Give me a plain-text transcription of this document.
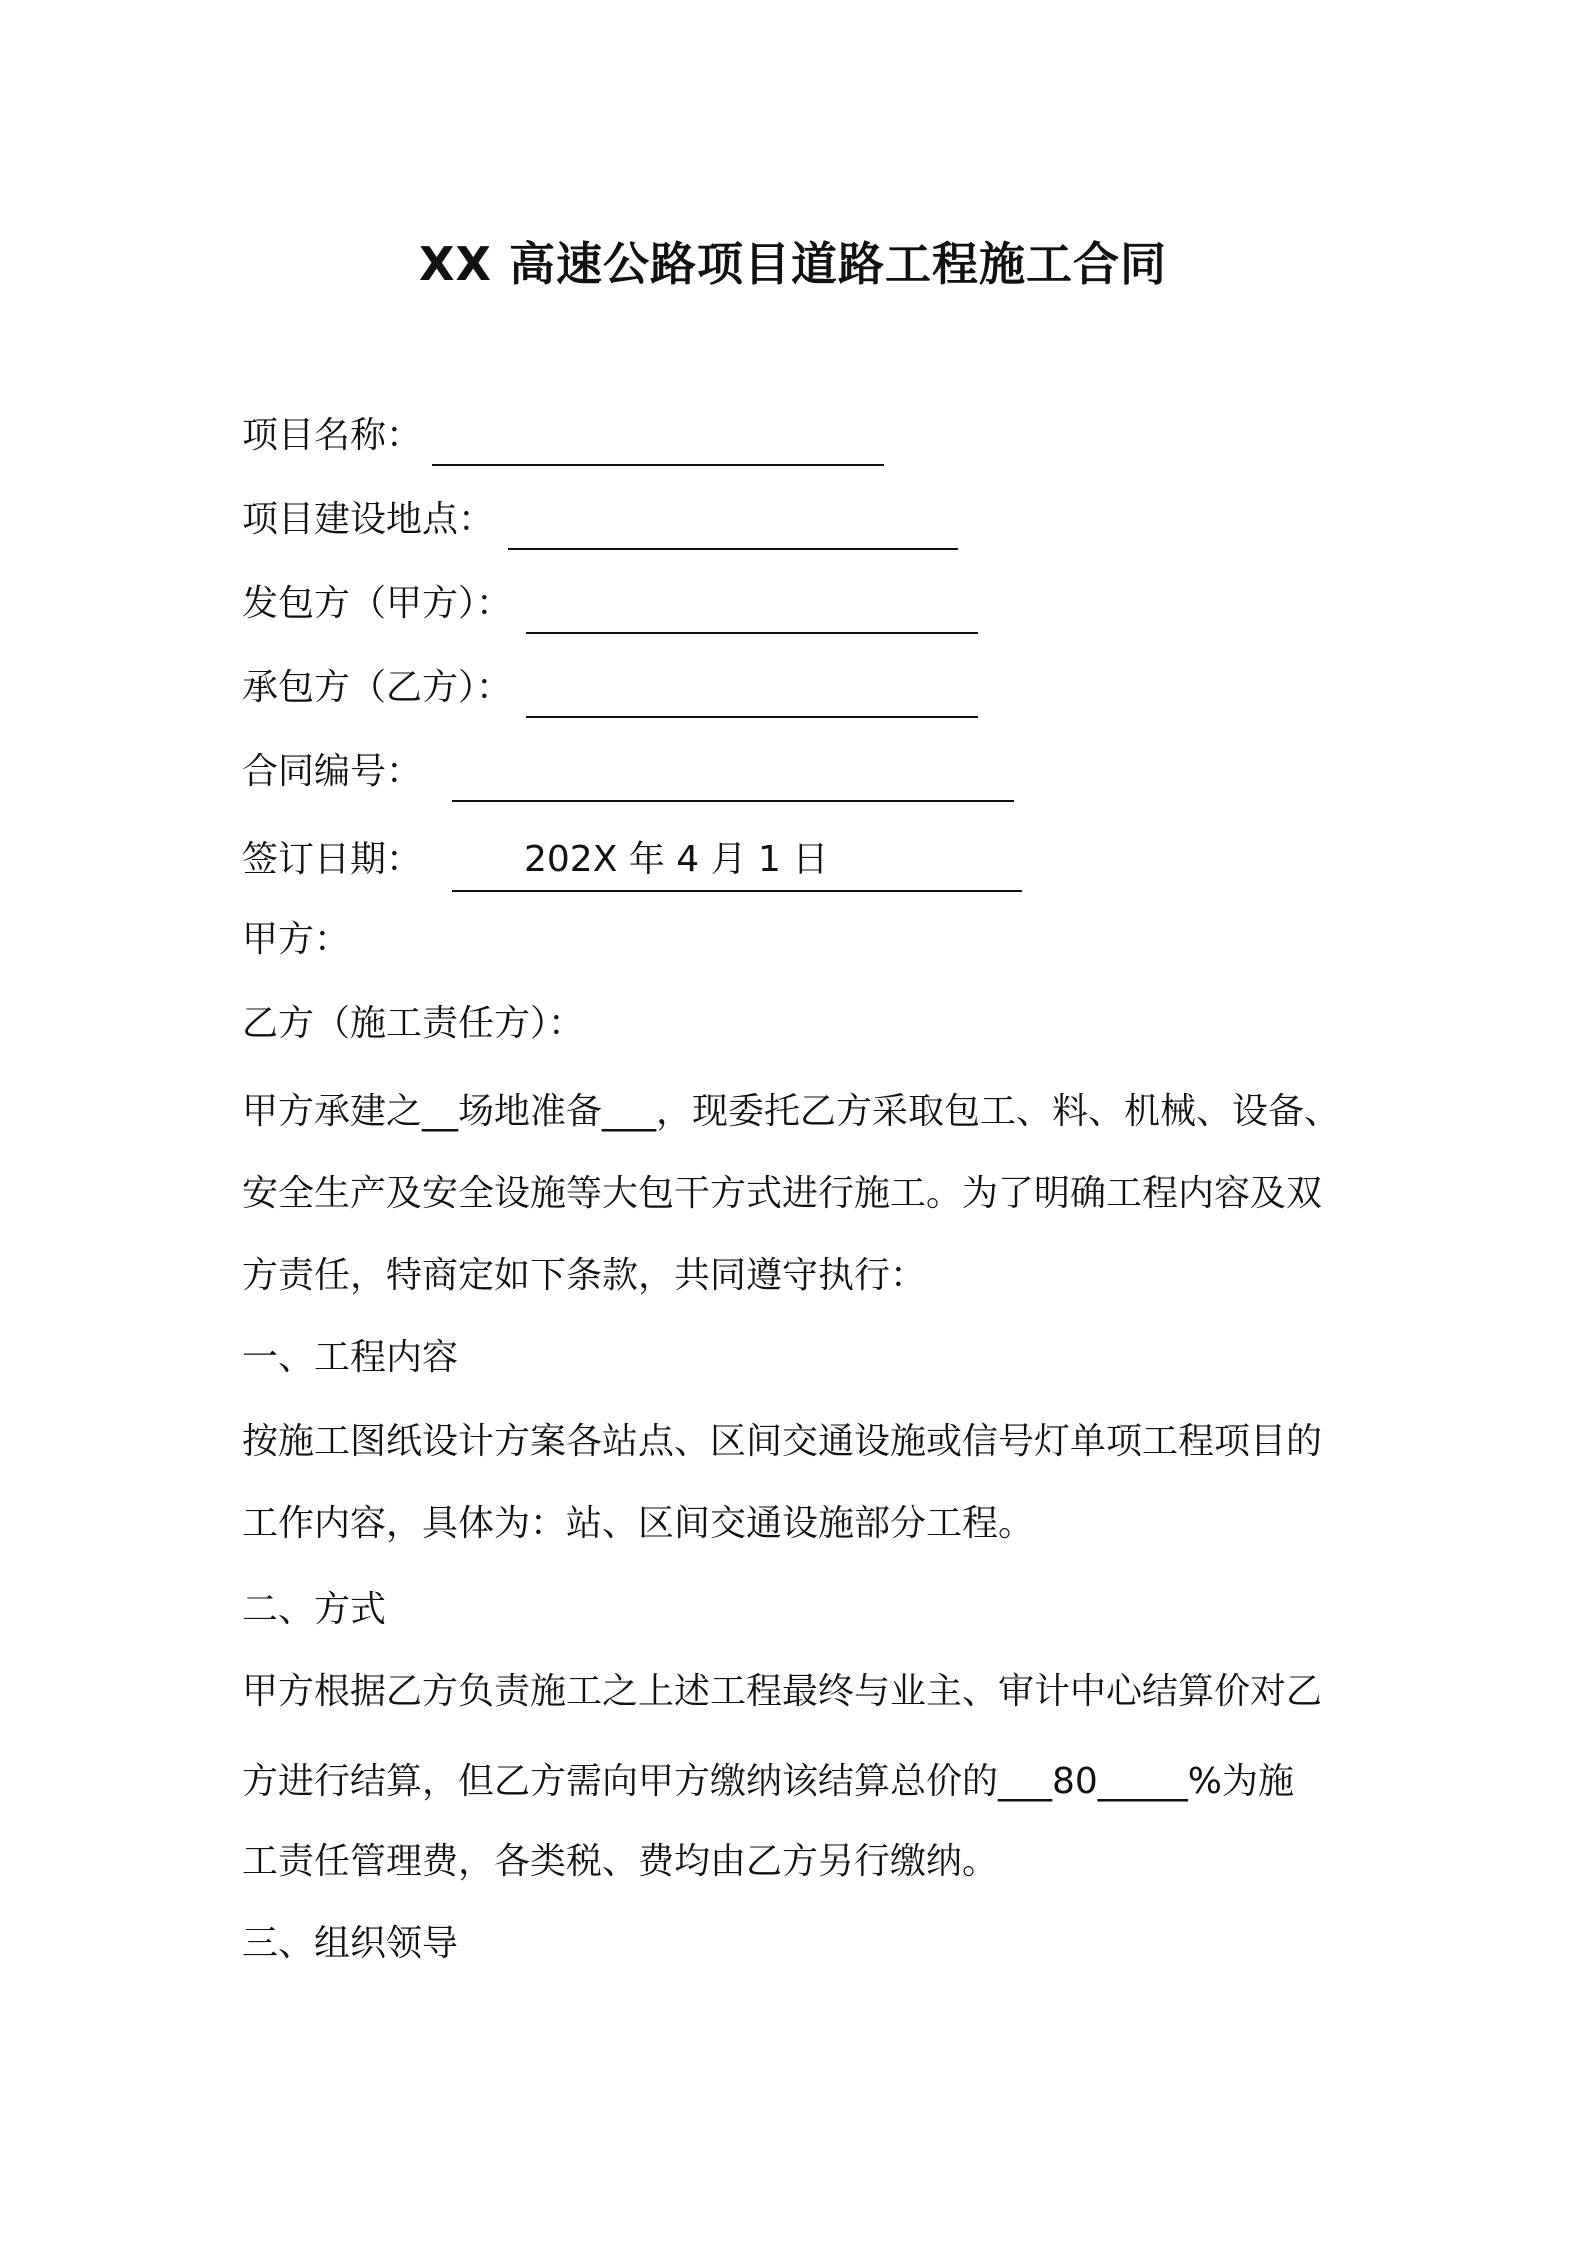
XX 高速公路项目道路工程施工合同
项目名称：
项目建设地点：
发包方（甲方）：
承包方（乙方）：
合同编号：
签订日期：	202X 年 4 月 1 日
甲方：
乙方（施工责任方）：
甲方承建之__场地准备___，现委托乙方采取包工、料、机械、设备、
安全生产及安全设施等大包干方式进行施工。为了明确工程内容及双
方责任，特商定如下条款，共同遵守执行：
一、工程内容
按施工图纸设计方案各站点、区间交通设施或信号灯单项工程项目的
工作内容，具体为：站、区间交通设施部分工程。
二、方式
甲方根据乙方负责施工之上述工程最终与业主、审计中心结算价对乙
方进行结算，但乙方需向甲方缴纳该结算总价的___80_____%为施
工责任管理费，各类税、费均由乙方另行缴纳。
三、组织领导
